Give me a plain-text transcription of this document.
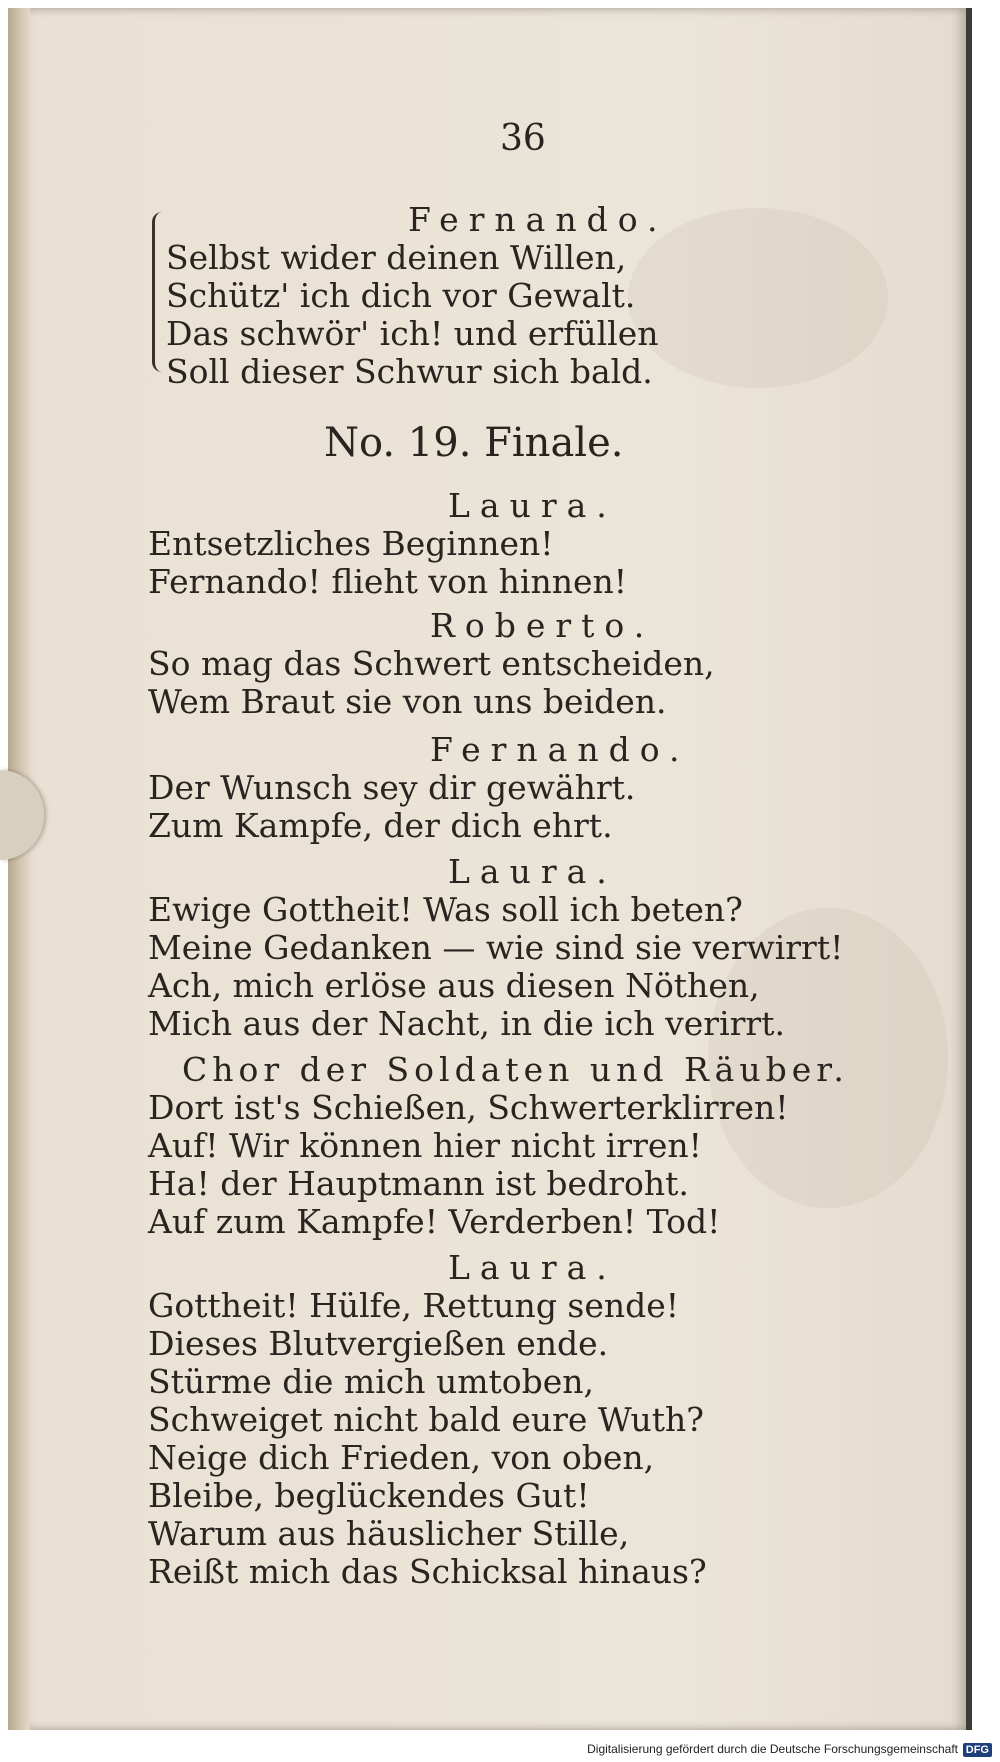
36
Fernando.
Selbst wider deinen Willen,
Schütz' ich dich vor Gewalt.
Das schwör' ich! und erfüllen
Soll dieser Schwur sich bald.
No. 19. Finale.
Laura.
Entsetzliches Beginnen!
Fernando! flieht von hinnen!
Roberto.
So mag das Schwert entscheiden,
Wem Braut sie von uns beiden.
Fernando.
Der Wunsch sey dir gewährt.
Zum Kampfe, der dich ehrt.
Laura.
Ewige Gottheit! Was soll ich beten?
Meine Gedanken — wie sind sie verwirrt!
Ach, mich erlöse aus diesen Nöthen,
Mich aus der Nacht, in die ich verirrt.
Chor der Soldaten und Räuber.
Dort ist's Schießen, Schwerterklirren!
Auf! Wir können hier nicht irren!
Ha! der Hauptmann ist bedroht.
Auf zum Kampfe! Verderben! Tod!
Laura.
Gottheit! Hülfe, Rettung sende!
Dieses Blutvergießen ende.
Stürme die mich umtoben,
Schweiget nicht bald eure Wuth?
Neige dich Frieden, von oben,
Bleibe, beglückendes Gut!
Warum aus häuslicher Stille,
Reißt mich das Schicksal hinaus?
Digitalisierung gefördert durch die Deutsche Forschungsgemeinschaft DFG
